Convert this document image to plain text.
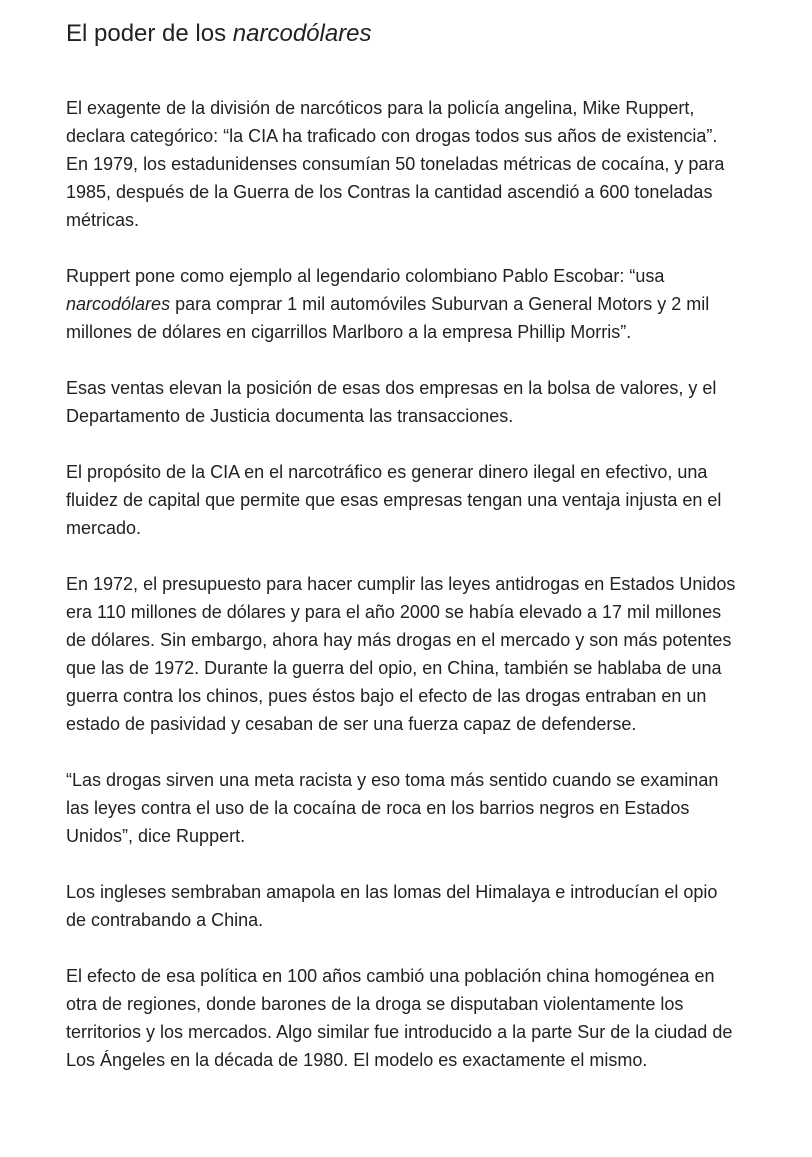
El poder de los narcodólares

El exagente de la división de narcóticos para la policía angelina, Mike Ruppert, declara categórico: “la CIA ha traficado con drogas todos sus años de existencia”. En 1979, los estadunidenses consumían 50 toneladas métricas de cocaína, y para 1985, después de la Guerra de los Contras la cantidad ascendió a 600 toneladas métricas.

Ruppert pone como ejemplo al legendario colombiano Pablo Escobar: “usa narcodólares para comprar 1 mil automóviles Suburvan a General Motors y 2 mil millones de dólares en cigarrillos Marlboro a la empresa Phillip Morris”.

Esas ventas elevan la posición de esas dos empresas en la bolsa de valores, y el Departamento de Justicia documenta las transacciones.

El propósito de la CIA en el narcotráfico es generar dinero ilegal en efectivo, una fluidez de capital que permite que esas empresas tengan una ventaja injusta en el mercado.

En 1972, el presupuesto para hacer cumplir las leyes antidrogas en Estados Unidos era 110 millones de dólares y para el año 2000 se había elevado a 17 mil millones de dólares. Sin embargo, ahora hay más drogas en el mercado y son más potentes que las de 1972. Durante la guerra del opio, en China, también se hablaba de una guerra contra los chinos, pues éstos bajo el efecto de las drogas entraban en un estado de pasividad y cesaban de ser una fuerza capaz de defenderse.

“Las drogas sirven una meta racista y eso toma más sentido cuando se examinan las leyes contra el uso de la cocaína de roca en los barrios negros en Estados Unidos”, dice Ruppert.

Los ingleses sembraban amapola en las lomas del Himalaya e introducían el opio de contrabando a China.

El efecto de esa política en 100 años cambió una población china homogénea en otra de regiones, donde barones de la droga se disputaban violentamente los territorios y los mercados. Algo similar fue introducido a la parte Sur de la ciudad de Los Ángeles en la década de 1980. El modelo es exactamente el mismo.
